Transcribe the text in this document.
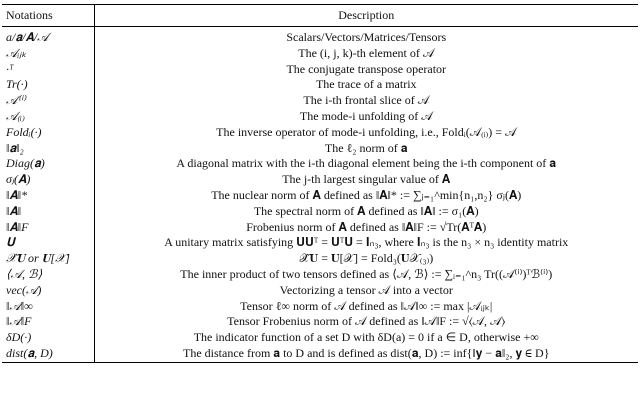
Notations	Description
a/𝐚/𝐀/𝒜	Scalars/Vectors/Matrices/Tensors
𝒜ᵢⱼₖ	The (i, j, k)-th element of 𝒜
·ᵀ	The conjugate transpose operator
Tr(·)	The trace of a matrix
𝒜⁽ⁱ⁾	The i-th frontal slice of 𝒜
𝒜₍ᵢ₎	The mode-i unfolding of 𝒜
Foldᵢ(·)	The inverse operator of mode-i unfolding, i.e., Foldᵢ(𝒜₍ᵢ₎) = 𝒜
‖𝐚‖₂	The ℓ₂ norm of 𝐚
Diag(𝐚)	A diagonal matrix with the i-th diagonal element being the i-th component of 𝐚
σⱼ(𝐀)	The j-th largest singular value of 𝐀
‖𝐀‖*	The nuclear norm of 𝐀 defined as ‖𝐀‖* := ∑ⱼ₌₁^min{n₁,n₂} σⱼ(𝐀)
‖𝐀‖	The spectral norm of 𝐀 defined as ‖𝐀‖ := σ₁(𝐀)
‖𝐀‖F	Frobenius norm of 𝐀 defined as ‖𝐀‖F := √Tr(𝐀ᵀ𝐀)
𝐔	A unitary matrix satisfying 𝐔𝐔ᵀ = 𝐔ᵀ𝐔 = 𝐈ₙ₃, where 𝐈ₙ₃ is the n₃ × n₃ identity matrix
𝒳̂𝐔 or 𝐔[𝒳]	𝒳̂𝐔 = 𝐔[𝒳] = Fold₃(𝐔𝒳₍₃₎)
⟨𝒜, ℬ⟩	The inner product of two tensors defined as ⟨𝒜, ℬ⟩ := ∑ᵢ₌₁^n₃ Tr((𝒜⁽ⁱ⁾)ᵀℬ⁽ⁱ⁾)
vec(𝒜)	Vectorizing a tensor 𝒜 into a vector
‖𝒜‖∞	Tensor ℓ∞ norm of 𝒜 defined as ‖𝒜‖∞ := max |𝒜ᵢⱼₖ|
‖𝒜‖F	Tensor Frobenius norm of 𝒜 defined as ‖𝒜‖F := √⟨𝒜, 𝒜⟩
δD(·)	The indicator function of a set D with δD(a) = 0 if a ∈ D, otherwise +∞
dist(𝐚, D)	The distance from 𝐚 to D and is defined as dist(𝐚, D) := inf{‖𝐲 − 𝐚‖₂, 𝐲 ∈ D}
